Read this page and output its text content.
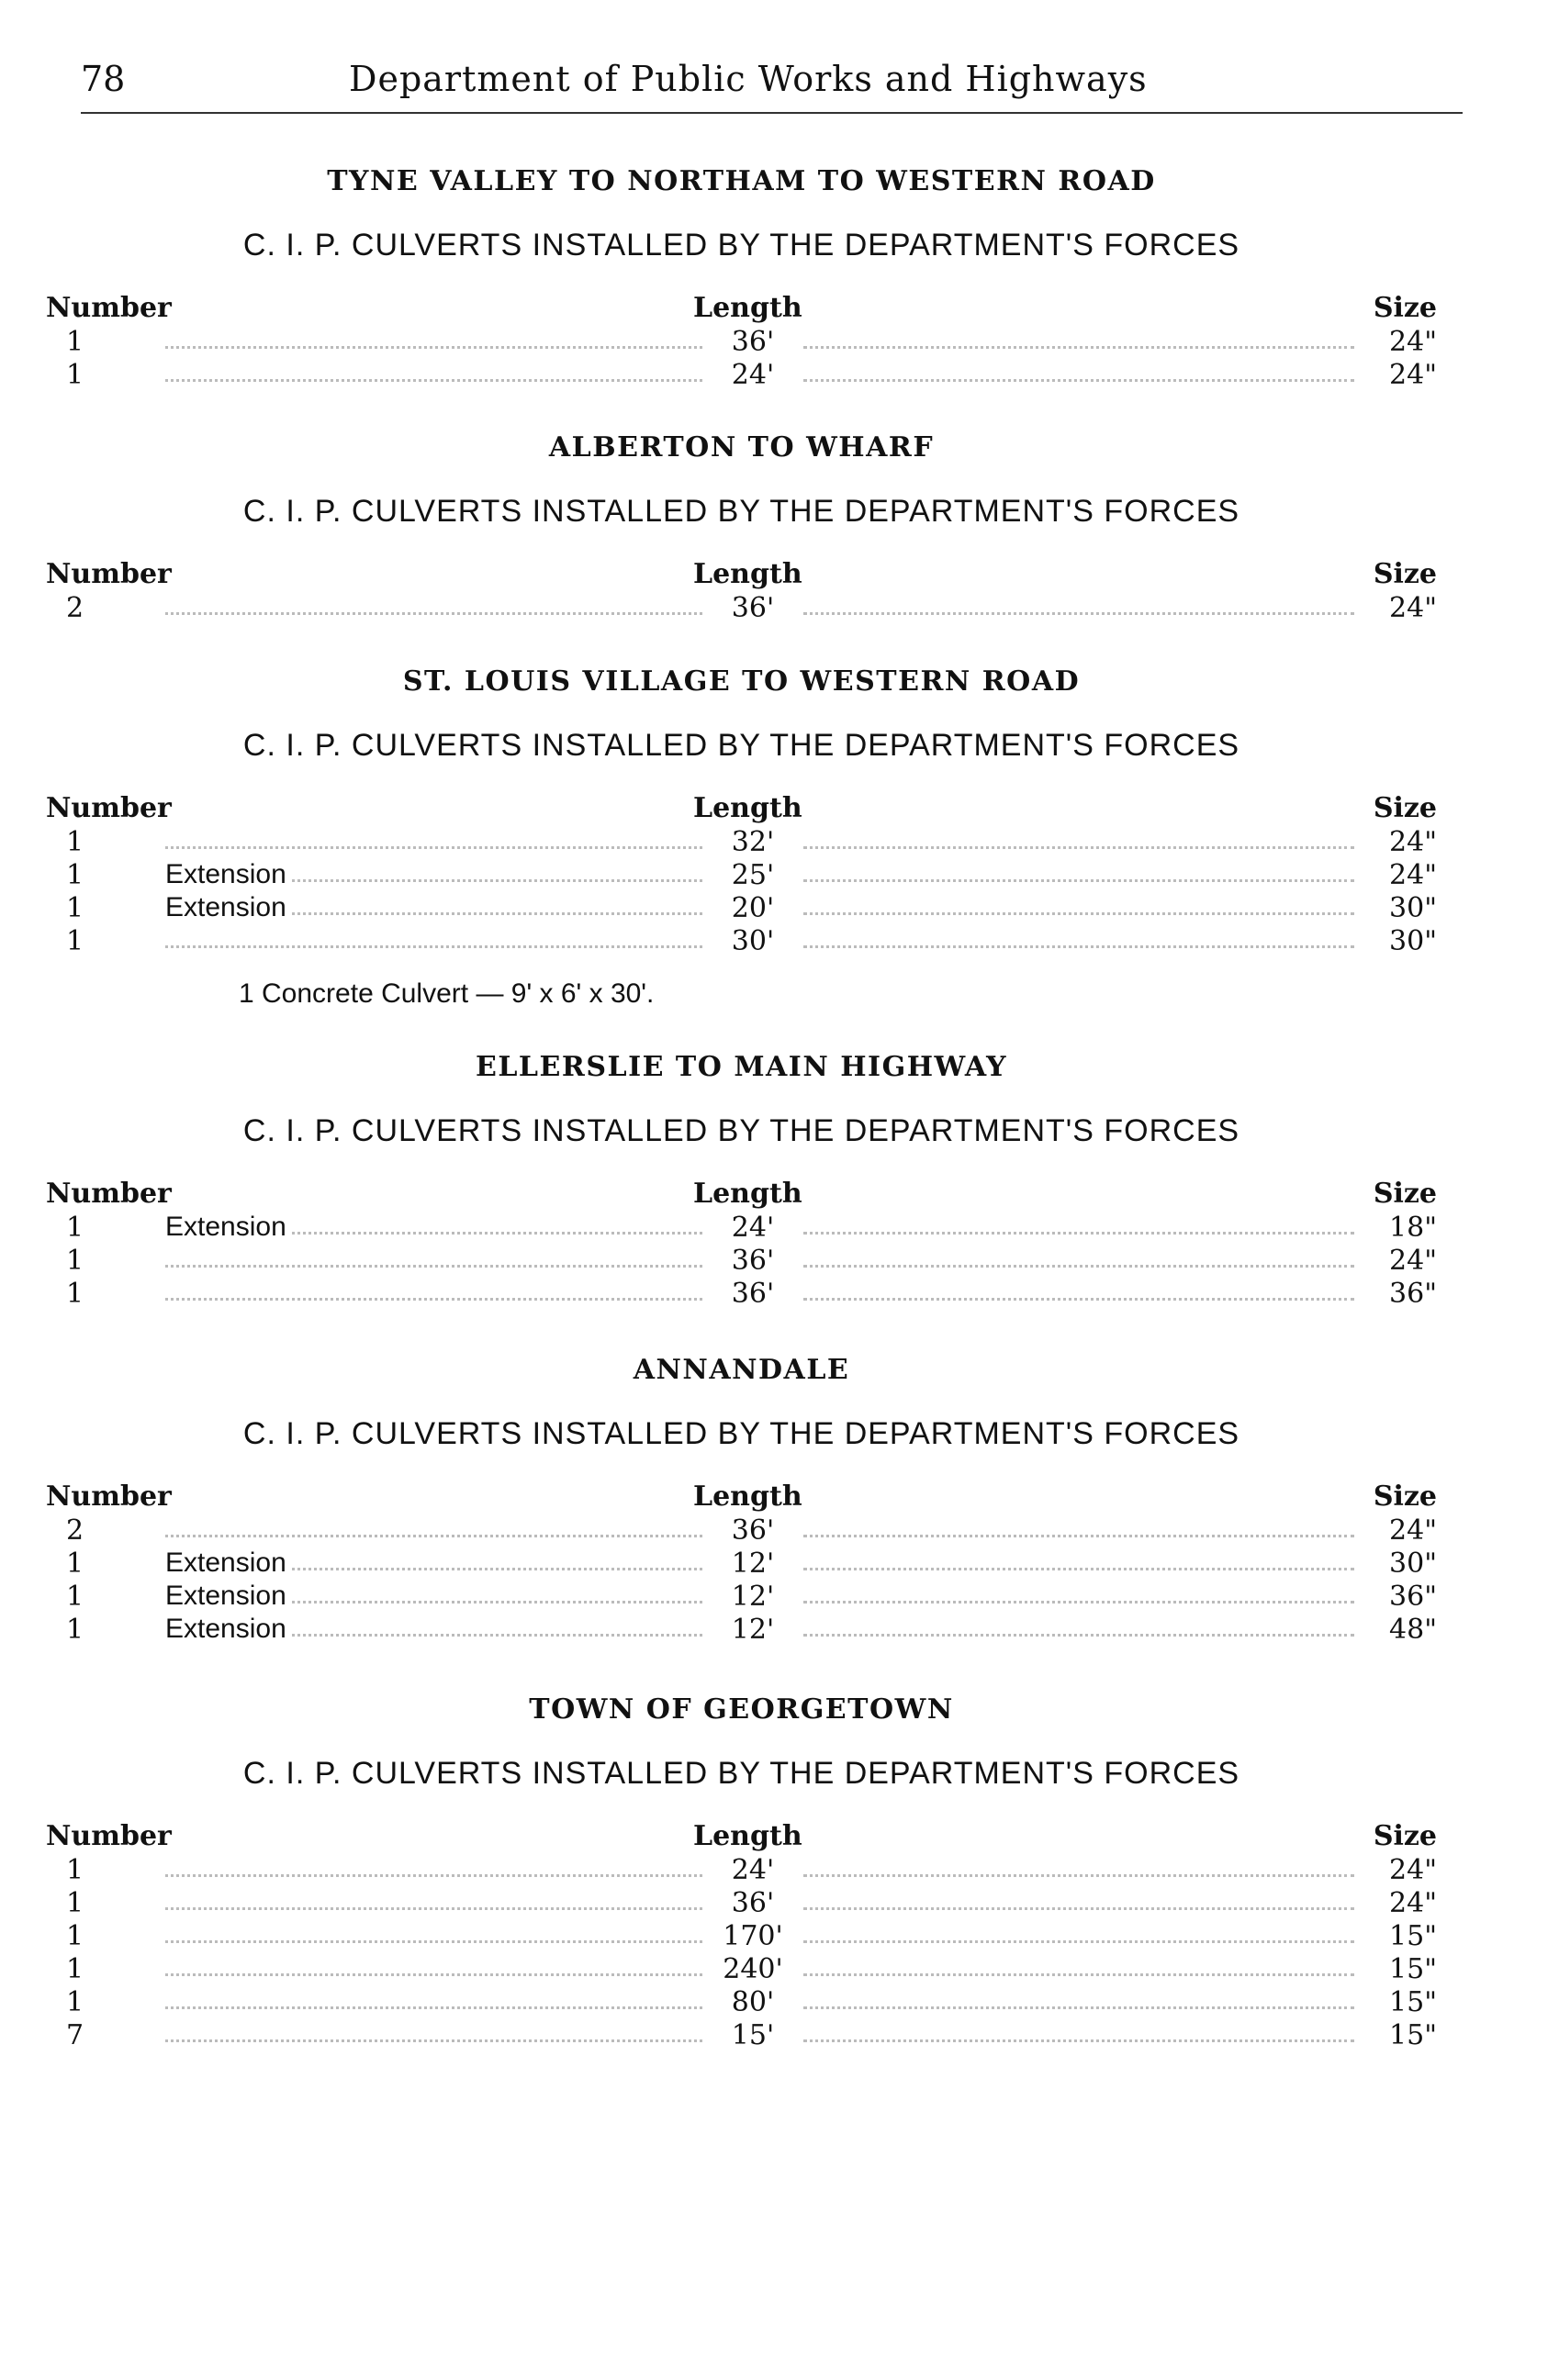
78	Department of Public Works and Highways
TYNE VALLEY TO NORTHAM TO WESTERN ROAD
C. I. P. CULVERTS INSTALLED BY THE DEPARTMENT'S FORCES
Number	Length	Size
1	36'	24"
1	24'	24"
ALBERTON TO WHARF
C. I. P. CULVERTS INSTALLED BY THE DEPARTMENT'S FORCES
Number	Length	Size
2	36'	24"
ST. LOUIS VILLAGE TO WESTERN ROAD
C. I. P. CULVERTS INSTALLED BY THE DEPARTMENT'S FORCES
Number	Length	Size
1	32'	24"
1	Extension	25'	24"
1	Extension	20'	30"
1	30'	30"
1 Concrete Culvert — 9' x 6' x 30'.
ELLERSLIE TO MAIN HIGHWAY
C. I. P. CULVERTS INSTALLED BY THE DEPARTMENT'S FORCES
Number	Length	Size
1	Extension	24'	18"
1	36'	24"
1	36'	36"
ANNANDALE
C. I. P. CULVERTS INSTALLED BY THE DEPARTMENT'S FORCES
Number	Length	Size
2	36'	24"
1	Extension	12'	30"
1	Extension	12'	36"
1	Extension	12'	48"
TOWN OF GEORGETOWN
C. I. P. CULVERTS INSTALLED BY THE DEPARTMENT'S FORCES
Number	Length	Size
1	24'	24"
1	36'	24"
1	170'	15"
1	240'	15"
1	80'	15"
7	15'	15"
